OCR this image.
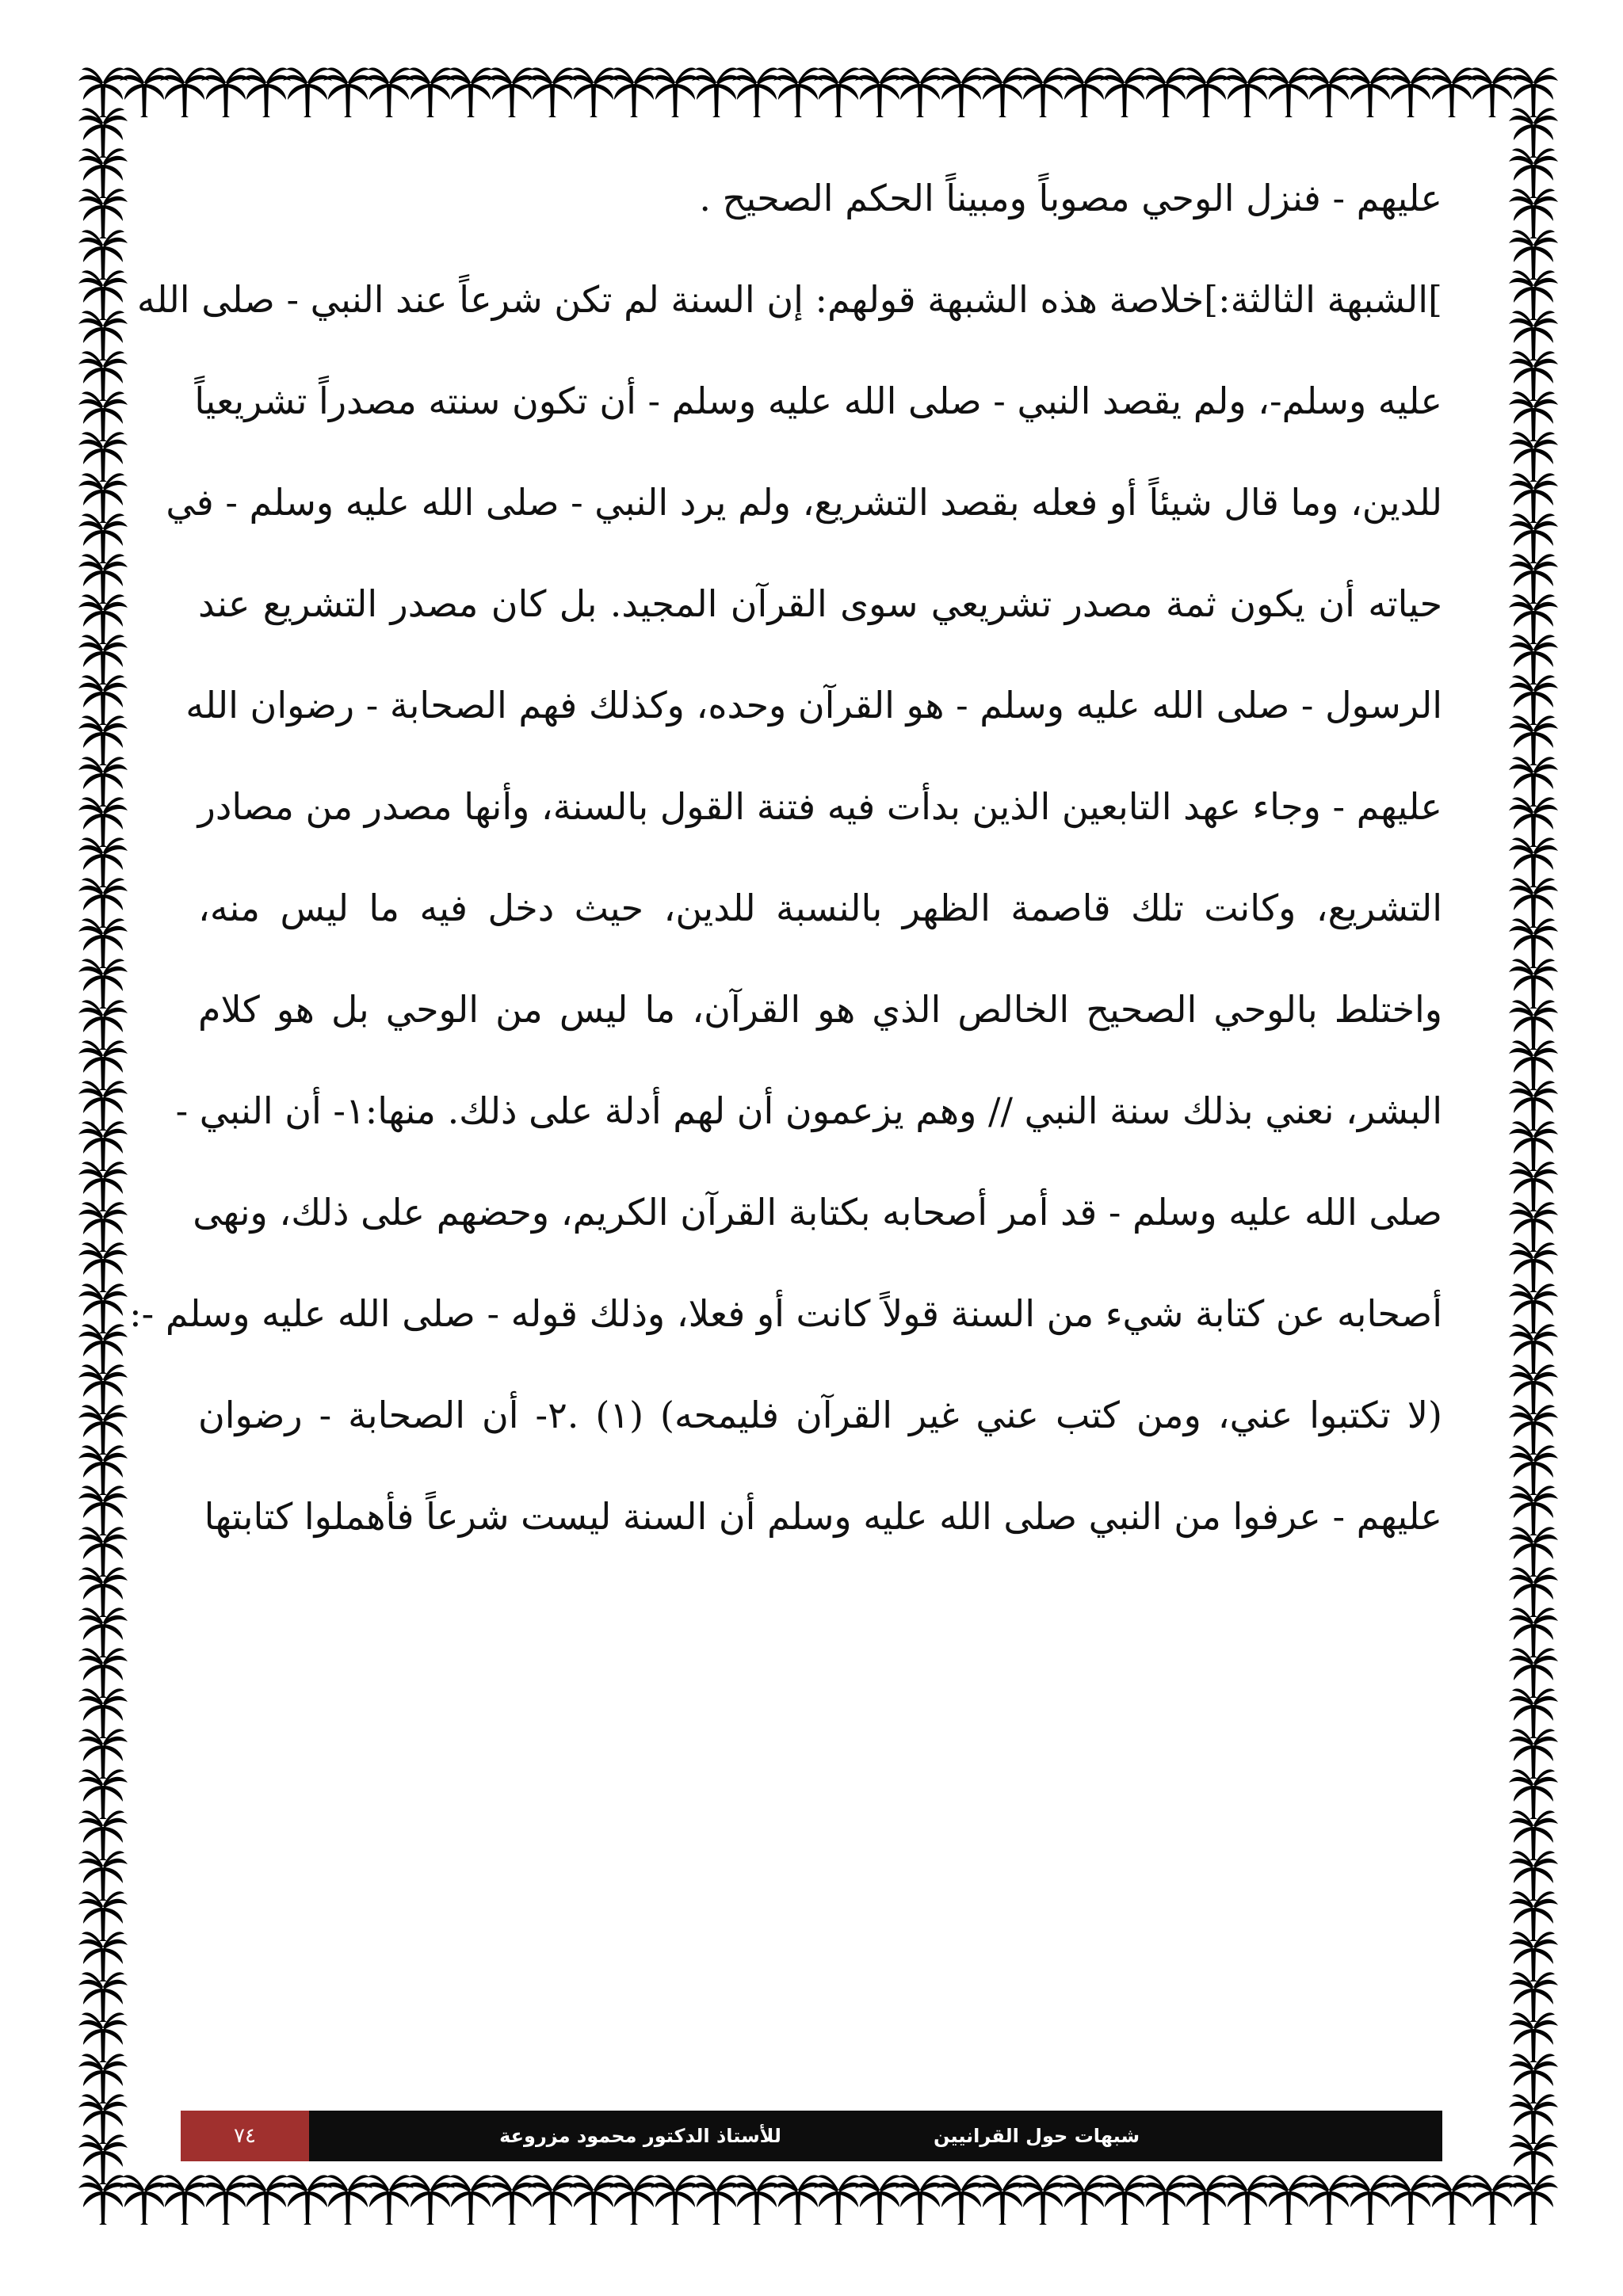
عليهم - فنزل الوحي مصوباً ومبيناً الحكم الصحيح .
]الشبهة الثالثة:]خلاصة هذه الشبهة قولهم: إن السنة لم تكن شرعاً عند النبي - صلى الله
عليه وسلم-، ولم يقصد النبي - صلى الله عليه وسلم - أن تكون سنته مصدراً تشريعياً
للدين، وما قال شيئاً أو فعله بقصد التشريع، ولم يرد النبي - صلى الله عليه وسلم - في
حياته أن يكون ثمة مصدر تشريعي سوى القرآن المجيد. بل كان مصدر التشريع عند
الرسول - صلى الله عليه وسلم - هو القرآن وحده، وكذلك فهم الصحابة - رضوان الله
عليهم - وجاء عهد التابعين الذين بدأت فيه فتنة القول بالسنة، وأنها مصدر من مصادر
التشريع، وكانت تلك قاصمة الظهر بالنسبة للدين، حيث دخل فيه ما ليس منه،
واختلط بالوحي الصحيح الخالص الذي هو القرآن، ما ليس من الوحي بل هو كلام
البشر، نعني بذلك سنة النبي // وهم يزعمون أن لهم أدلة على ذلك. منها:١- أن النبي -
صلى الله عليه وسلم - قد أمر أصحابه بكتابة القرآن الكريم، وحضهم على ذلك، ونهى
أصحابه عن كتابة شيء من السنة قولاً كانت أو فعلا، وذلك قوله - صلى الله عليه وسلم -:
(لا تكتبوا عني، ومن كتب عني غير القرآن فليمحه) (١) .٢- أن الصحابة - رضوان
عليهم - عرفوا من النبي صلى الله عليه وسلم أن السنة ليست شرعاً فأهملوا كتابتها
٧٤	للأستاذ الدكتور محمود مزروعة	شبهات حول القرانيين
